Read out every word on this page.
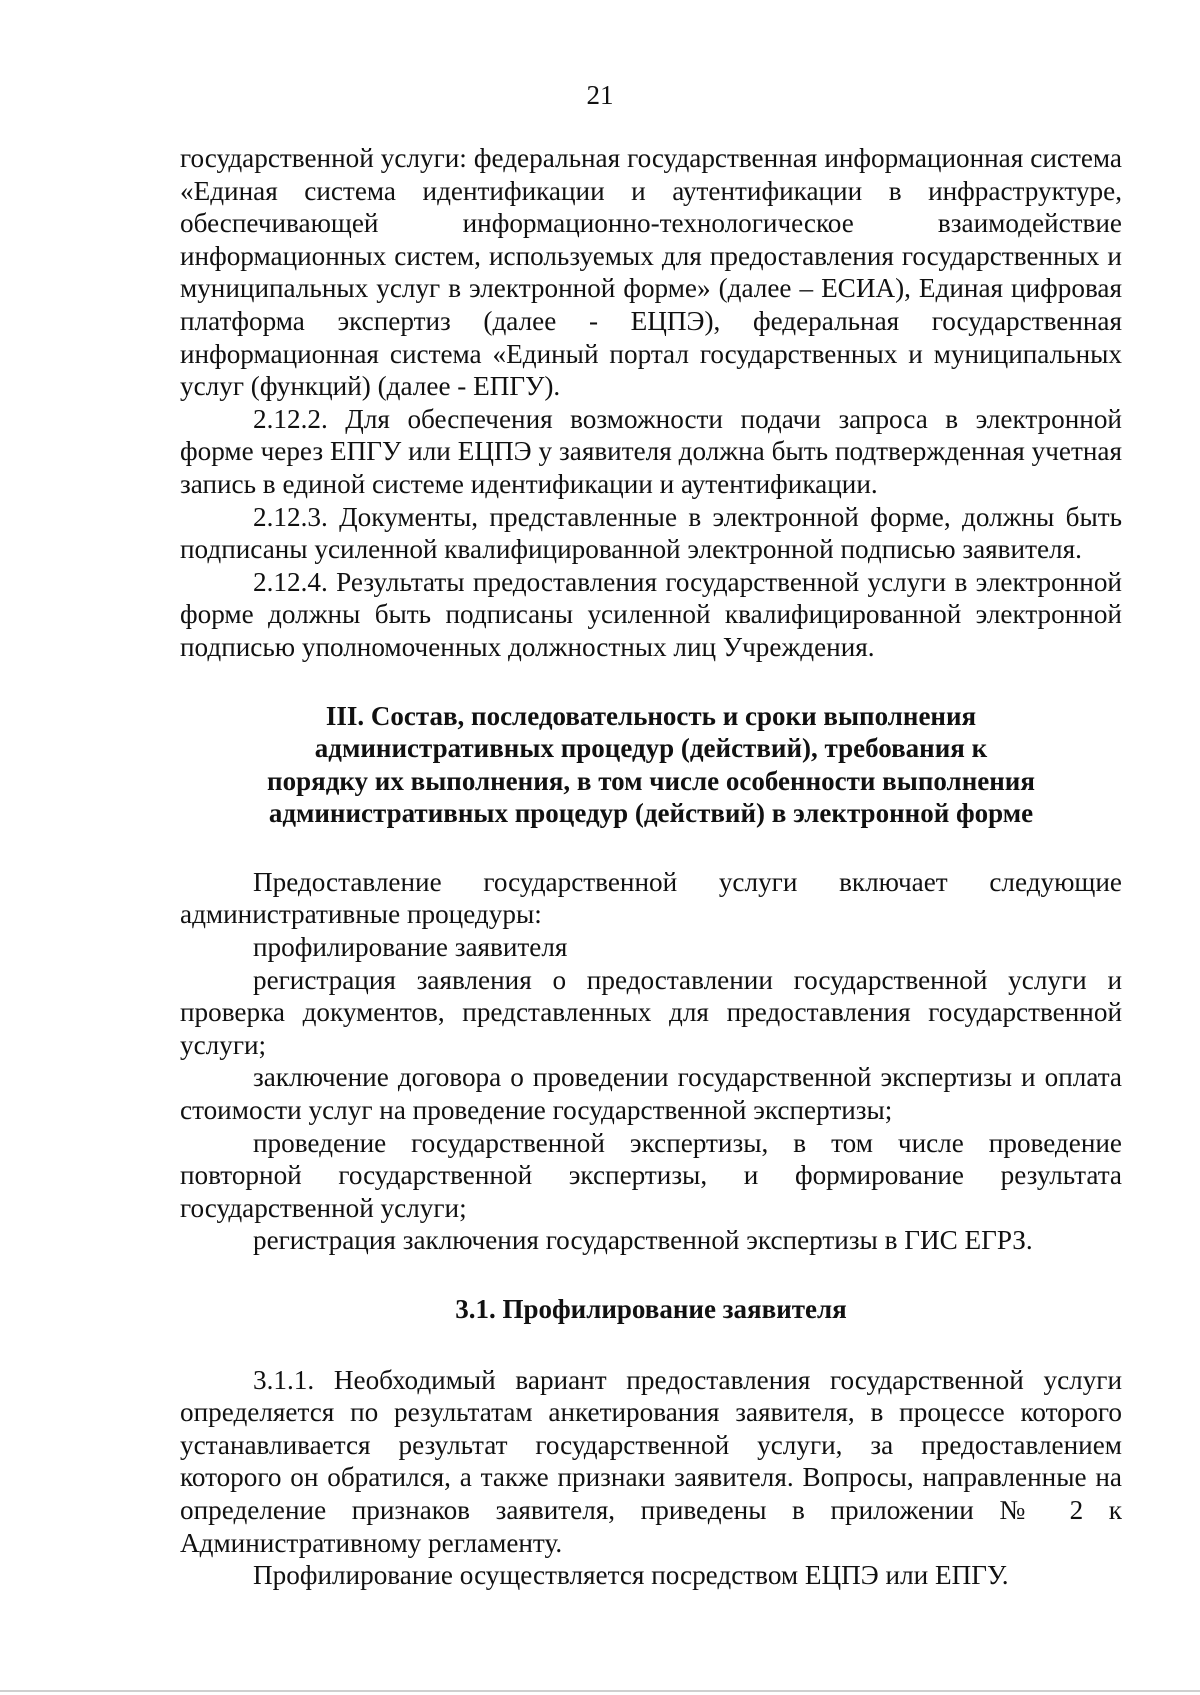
21

государственной услуги: федеральная государственная информационная система «Единая система идентификации и аутентификации в инфраструктуре, обеспечивающей информационно-технологическое взаимодействие информационных систем, используемых для предоставления государственных и муниципальных услуг в электронной форме» (далее – ЕСИА), Единая цифровая платформа экспертиз (далее - ЕЦПЭ), федеральная государственная информационная система «Единый портал государственных и муниципальных услуг (функций) (далее - ЕПГУ).

2.12.2. Для обеспечения возможности подачи запроса в электронной форме через ЕПГУ или ЕЦПЭ у заявителя должна быть подтвержденная учетная запись в единой системе идентификации и аутентификации.

2.12.3. Документы, представленные в электронной форме, должны быть подписаны усиленной квалифицированной электронной подписью заявителя.

2.12.4. Результаты предоставления государственной услуги в электронной форме должны быть подписаны усиленной квалифицированной электронной подписью уполномоченных должностных лиц Учреждения.

III. Состав, последовательность и сроки выполнения
административных процедур (действий), требования к
порядку их выполнения, в том числе особенности выполнения
административных процедур (действий) в электронной форме

Предоставление государственной услуги включает следующие административные процедуры:

профилирование заявителя

регистрация заявления о предоставлении государственной услуги и проверка документов, представленных для предоставления государственной услуги;

заключение договора о проведении государственной экспертизы и оплата стоимости услуг на проведение государственной экспертизы;

проведение государственной экспертизы, в том числе проведение повторной государственной экспертизы, и формирование результата государственной услуги;

регистрация заключения государственной экспертизы в ГИС ЕГРЗ.

3.1. Профилирование заявителя

3.1.1. Необходимый вариант предоставления государственной услуги определяется по результатам анкетирования заявителя, в процессе которого устанавливается результат государственной услуги, за предоставлением которого он обратился, а также признаки заявителя. Вопросы, направленные на определение признаков заявителя, приведены в приложении № 2 к Административному регламенту.

Профилирование осуществляется посредством ЕЦПЭ или ЕПГУ.
